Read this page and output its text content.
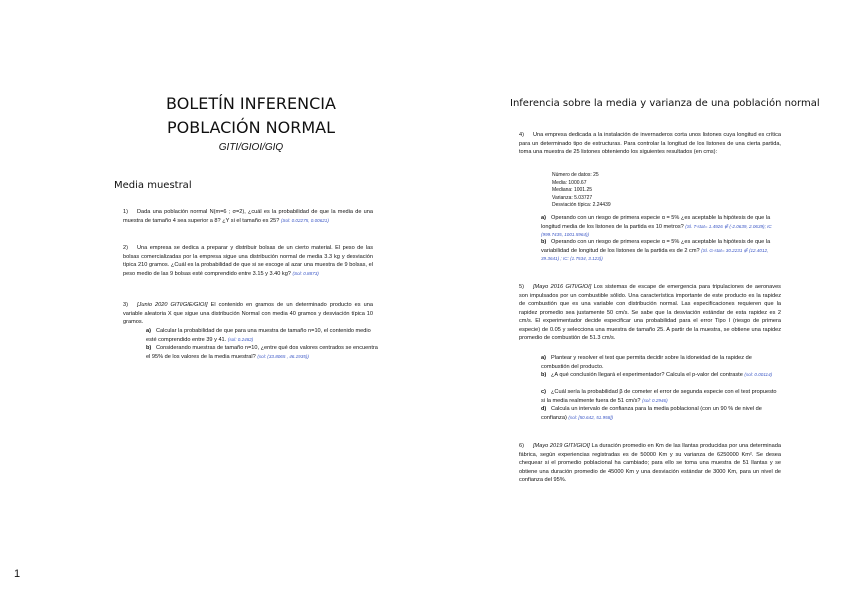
BOLETÍN INFERENCIA
POBLACIÓN NORMAL
GITI/GIOI/GIQ
Media muestral
1) Dada una población normal N(m=6 ; σ=2), ¿cuál es la probabilidad de que la media de una muestra de tamaño 4 sea superior a 8? ¿Y si el tamaño es 25? (Sol: 0.02275, 0.00621)
2) Una empresa se dedica a preparar y distribuir bolsas de un cierto material. El peso de las bolsas comercializadas por la empresa sigue una distribución normal de media 3.3 kg y desviación típica 210 gramos. ¿Cuál es la probabilidad de que si se escoge al azar una muestra de 9 bolsas, el peso medio de las 9 bolsas esté comprendido entre 3.15 y 3.40 kg? (Sol: 0.8873)
3) [Junio 2020 GITI/GIE/GIOI] El contenido en gramos de un determinado producto es una variable aleatoria X que sigue una distribución Normal con media 40 gramos y desviación típica 10 gramos.
a) Calcular la probabilidad de que para una muestra de tamaño n=10, el contenido medio esté comprendido entre 39 y 41. (sol: 0.2482)
b) Considerando muestras de tamaño n=10, ¿entre qué dos valores centrados se encuentra el 95% de los valores de la media muestral? (sol: (33.8065 , 46.1935))
1
Inferencia sobre la media y varianza de una población normal
4) Una empresa dedicada a la instalación de invernaderos corta unos listones cuya longitud es crítica para un determinado tipo de estructuras. Para controlar la longitud de los listones de una cierta partida, toma una muestra de 25 listones obteniendo los siguientes resultados (en cms):
Número de datos: 25
Media: 1000.67
Mediana: 1001.25
Varianza: 5.03727
Desviación típica: 2.24439
a) Operando con un riesgo de primera especie α = 5% ¿es aceptable la hipótesis de que la longitud media de los listones de la partida es 10 metros? (Sl. T-stat= 1.4926 ∉ (-2.0639, 2.0639); IC (999.7435, 1001.5964))
b) Operando con un riesgo de primera especie α = 5% ¿es aceptable la hipótesis de que la variabilidad de longitud de los listones de la partida es de 2 cm? (Sl. G-stat= 30.2231 ∉ (12.4012, 39.3641) ; IC: (1.7534, 3.123))
5) [Mayo 2016 GITI/GIOI] Los sistemas de escape de emergencia para tripulaciones de aeronaves son impulsados por un combustible sólido. Una característica importante de este producto es la rapidez de combustión que es una variable con distribución normal. Las especificaciones requieren que la rapidez promedio sea justamente 50 cm/s. Se sabe que la desviación estándar de esta rapidez es 2 cm/s. El experimentador decide especificar una probabilidad para el error Tipo I (riesgo de primera especie) de 0.05 y selecciona una muestra de tamaño 25. A partir de la muestra, se obtiene una rapidez promedio de combustión de 51.3 cm/s.
a) Plantear y resolver el test que permita decidir sobre la idoneidad de la rapidez de combustión del producto.
b) ¿A qué conclusión llegará el experimentador? Calcula el p-valor del contraste (sol: 0.00114)
c) ¿Cuál sería la probabilidad β de cometer el error de segunda especie con el test propuesto si la media realmente fuera de 51 cm/s? (sol: 0.2946)
d) Calcula un intervalo de confianza para la media poblacional (con un 90 % de nivel de confianza) (sol: [50.642, 51.958])
6) [Mayo 2019 GITI/GIOI] La duración promedio en Km de las llantas producidas por una determinada fábrica, según experiencias registradas es de 50000 Km y su varianza de 6250000 Km². Se desea chequear si el promedio poblacional ha cambiado; para ello se toma una muestra de 51 llantas y se obtiene una duración promedio de 45000 Km y una desviación estándar de 3000 Km, para un nivel de confianza del 95%.
